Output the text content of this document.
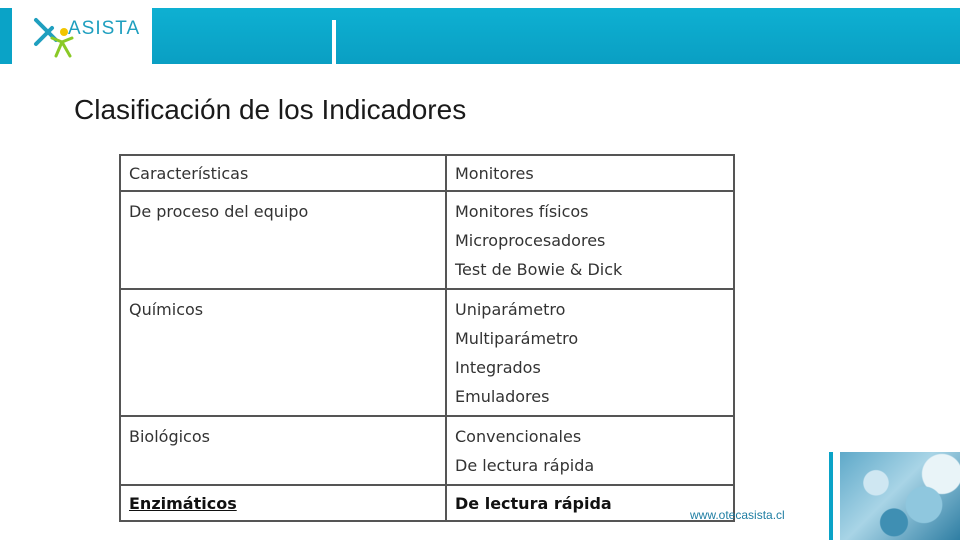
ASISTA
Clasificación de los Indicadores
Características	Monitores
De proceso del equipo	Monitores físicos
Microprocesadores
Test de Bowie & Dick

Químicos	Uniparámetro
Multiparámetro
Integrados
Emuladores

Biológicos	Convencionales
De lectura rápida

Enzimáticos	De lectura rápida
www.otecasista.cl
